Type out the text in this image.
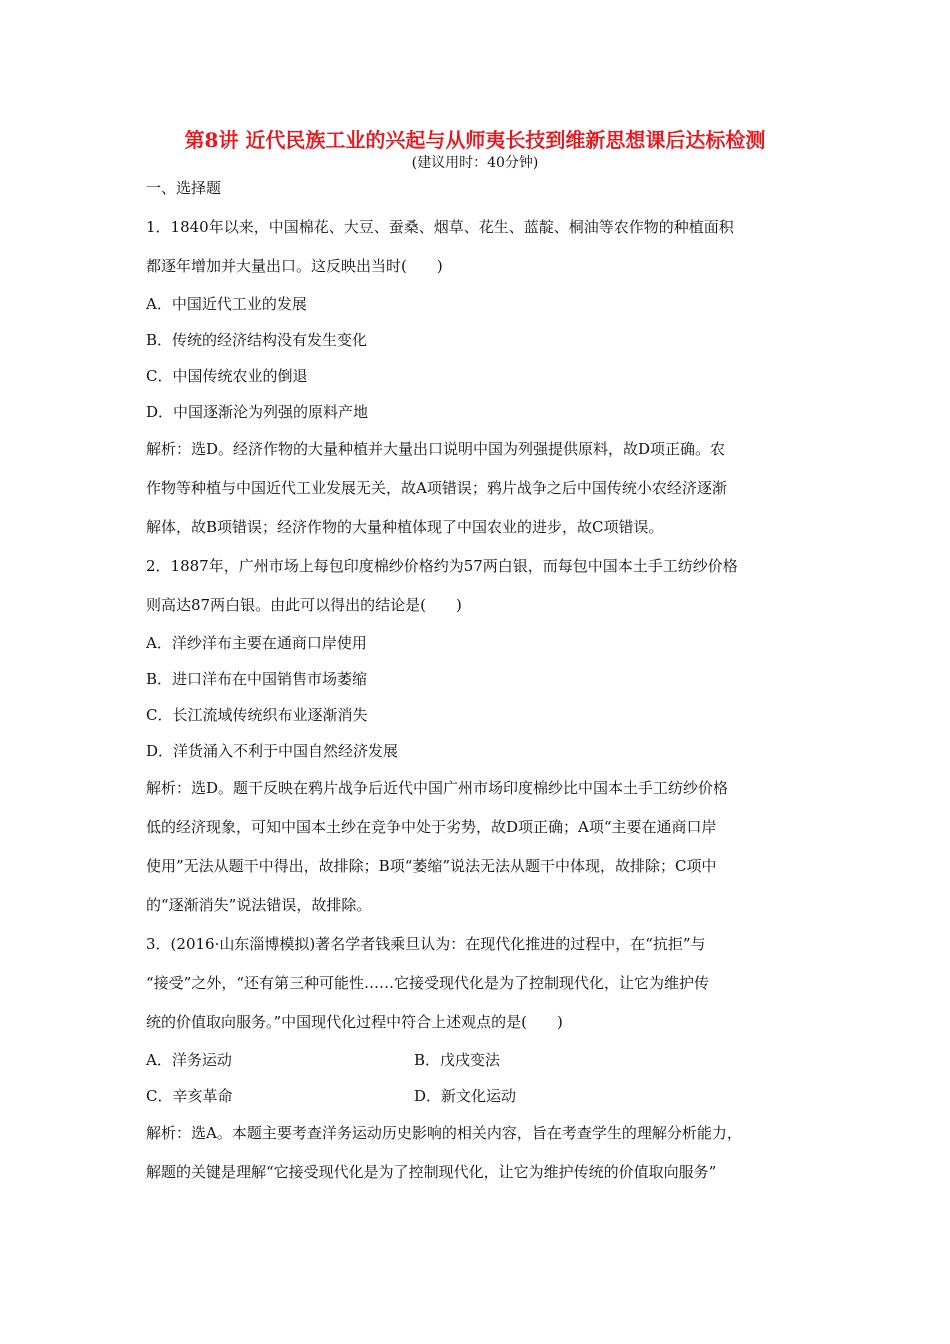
第8讲 近代民族工业的兴起与从师夷长技到维新思想课后达标检测
(建议用时：40分钟)
一、选择题
1．1840年以来，中国棉花、大豆、蚕桑、烟草、花生、蓝靛、桐油等农作物的种植面积
都逐年增加并大量出口。这反映出当时(　　)
A．中国近代工业的发展
B．传统的经济结构没有发生变化
C．中国传统农业的倒退
D．中国逐渐沦为列强的原料产地
解析：选D。经济作物的大量种植并大量出口说明中国为列强提供原料，故D项正确。农
作物等种植与中国近代工业发展无关，故A项错误；鸦片战争之后中国传统小农经济逐渐
解体，故B项错误；经济作物的大量种植体现了中国农业的进步，故C项错误。
2．1887年，广州市场上每包印度棉纱价格约为57两白银，而每包中国本土手工纺纱价格
则高达87两白银。由此可以得出的结论是(　　)
A．洋纱洋布主要在通商口岸使用
B．进口洋布在中国销售市场萎缩
C．长江流域传统织布业逐渐消失
D．洋货涌入不利于中国自然经济发展
解析：选D。题干反映在鸦片战争后近代中国广州市场印度棉纱比中国本土手工纺纱价格
低的经济现象，可知中国本土纱在竞争中处于劣势，故D项正确；A项“主要在通商口岸
使用”无法从题干中得出，故排除；B项“萎缩”说法无法从题干中体现，故排除；C项中
的“逐渐消失”说法错误，故排除。
3．(2016·山东淄博模拟)著名学者钱乘旦认为：在现代化推进的过程中，在“抗拒”与
“接受”之外，“还有第三种可能性……它接受现代化是为了控制现代化，让它为维护传
统的价值取向服务。”中国现代化过程中符合上述观点的是(　　)
A．洋务运动	B．戊戌变法
C．辛亥革命	D．新文化运动
解析：选A。本题主要考查洋务运动历史影响的相关内容，旨在考查学生的理解分析能力，
解题的关键是理解“它接受现代化是为了控制现代化，让它为维护传统的价值取向服务”
